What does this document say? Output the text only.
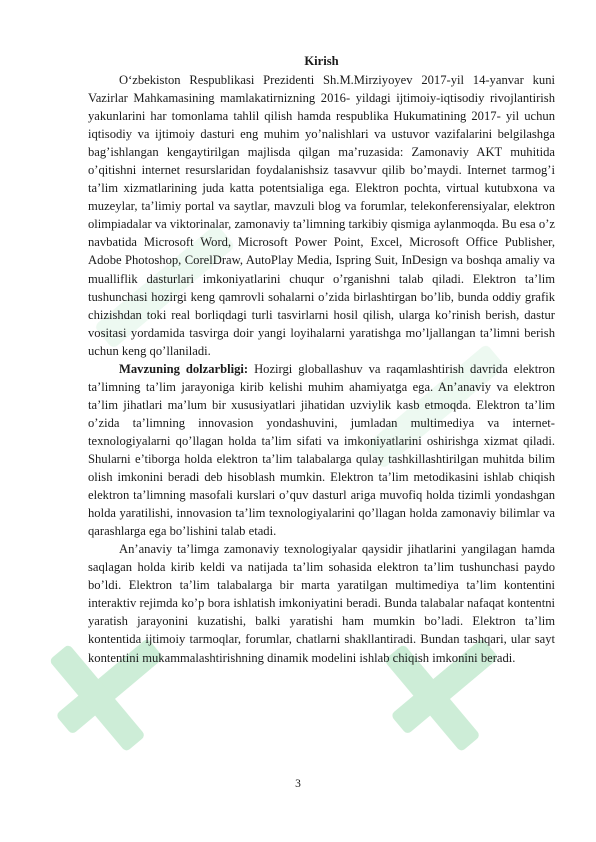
Kirish

O‘zbekiston Respublikasi Prezidenti Sh.M.Mirziyoyev 2017-yil 14-yanvar kuni Vazirlar Mahkamasining mamlakatirnizning 2016- yildagi ijtimoiy-iqtisodiy rivojlantirish yakunlarini har tomonlama tahlil qilish hamda respublika Hukumatining 2017- yil uchun iqtisodiy va ijtimoiy dasturi eng muhim yo’nalishlari va ustuvor vazifalarini belgilashga bag’ishlangan kengaytirilgan majlisda qilgan ma’ruzasida: Zamonaviy AKT muhitida o’qitishni internet resurslaridan foydalanishsiz tasavvur qilib bo’maydi. Internet tarmog’i ta’lim xizmatlarining juda katta potentsialiga ega. Elektron pochta, virtual kutubxona va muzeylar, ta’limiy portal va saytlar, mavzuli blog va forumlar, telekonferensiyalar, elektron olimpiadalar va viktorinalar, zamonaviy ta’limning tarkibiy qismiga aylanmoqda. Bu esa o’z navbatida Microsoft Word, Microsoft Power Point, Excel, Microsoft Office Publisher, Adobe Photoshop, CorelDraw, AutoPlay Media, Ispring Suit, InDesign va boshqa amaliy va mualliflik dasturlari imkoniyatlarini chuqur o’rganishni talab qiladi. Elektron ta’lim tushunchasi hozirgi keng qamrovli sohalarni o’zida birlashtirgan bo’lib, bunda oddiy grafik chizishdan toki real borliqdagi turli tasvirlarni hosil qilish, ularga ko’rinish berish, dastur vositasi yordamida tasvirga doir yangi loyihalarni yaratishga mo’ljallangan ta’limni berish uchun keng qo’llaniladi.

Mavzuning dolzarbligi: Hozirgi globallashuv va raqamlashtirish davrida elektron ta’limning ta’lim jarayoniga kirib kelishi muhim ahamiyatga ega. An’anaviy va elektron ta’lim jihatlari ma’lum bir xususiyatlari jihatidan uzviylik kasb etmoqda. Elektron ta’lim o’zida ta’limning innovasion yondashuvini, jumladan multimediya va internet-texnologiyalarni qo’llagan holda ta’lim sifati va imkoniyatlarini oshirishga xizmat qiladi. Shularni e’tiborga holda elektron ta’lim talabalarga qulay tashkillashtirilgan muhitda bilim olish imkonini beradi deb hisoblash mumkin. Elektron ta’lim metodikasini ishlab chiqish elektron ta’limning masofali kurslari o’quv dasturl ariga muvofiq holda tizimli yondashgan holda yaratilishi, innovasion ta’lim texnologiyalarini qo’llagan holda zamonaviy bilimlar va qarashlarga ega bo’lishini talab etadi.

An’anaviy ta’limga zamonaviy texnologiyalar qaysidir jihatlarini yangilagan hamda saqlagan holda kirib keldi va natijada ta’lim sohasida elektron ta’lim tushunchasi paydo bo’ldi. Elektron ta’lim talabalarga bir marta yaratilgan multimediya ta’lim kontentini interaktiv rejimda ko’p bora ishlatish imkoniyatini beradi. Bunda talabalar nafaqat kontentni yaratish jarayonini kuzatishi, balki yaratishi ham mumkin bo’ladi. Elektron ta’lim kontentida ijtimoiy tarmoqlar, forumlar, chatlarni shakllantiradi. Bundan tashqari, ular sayt kontentini mukammalashtirishning dinamik modelini ishlab chiqish imkonini beradi.

3
